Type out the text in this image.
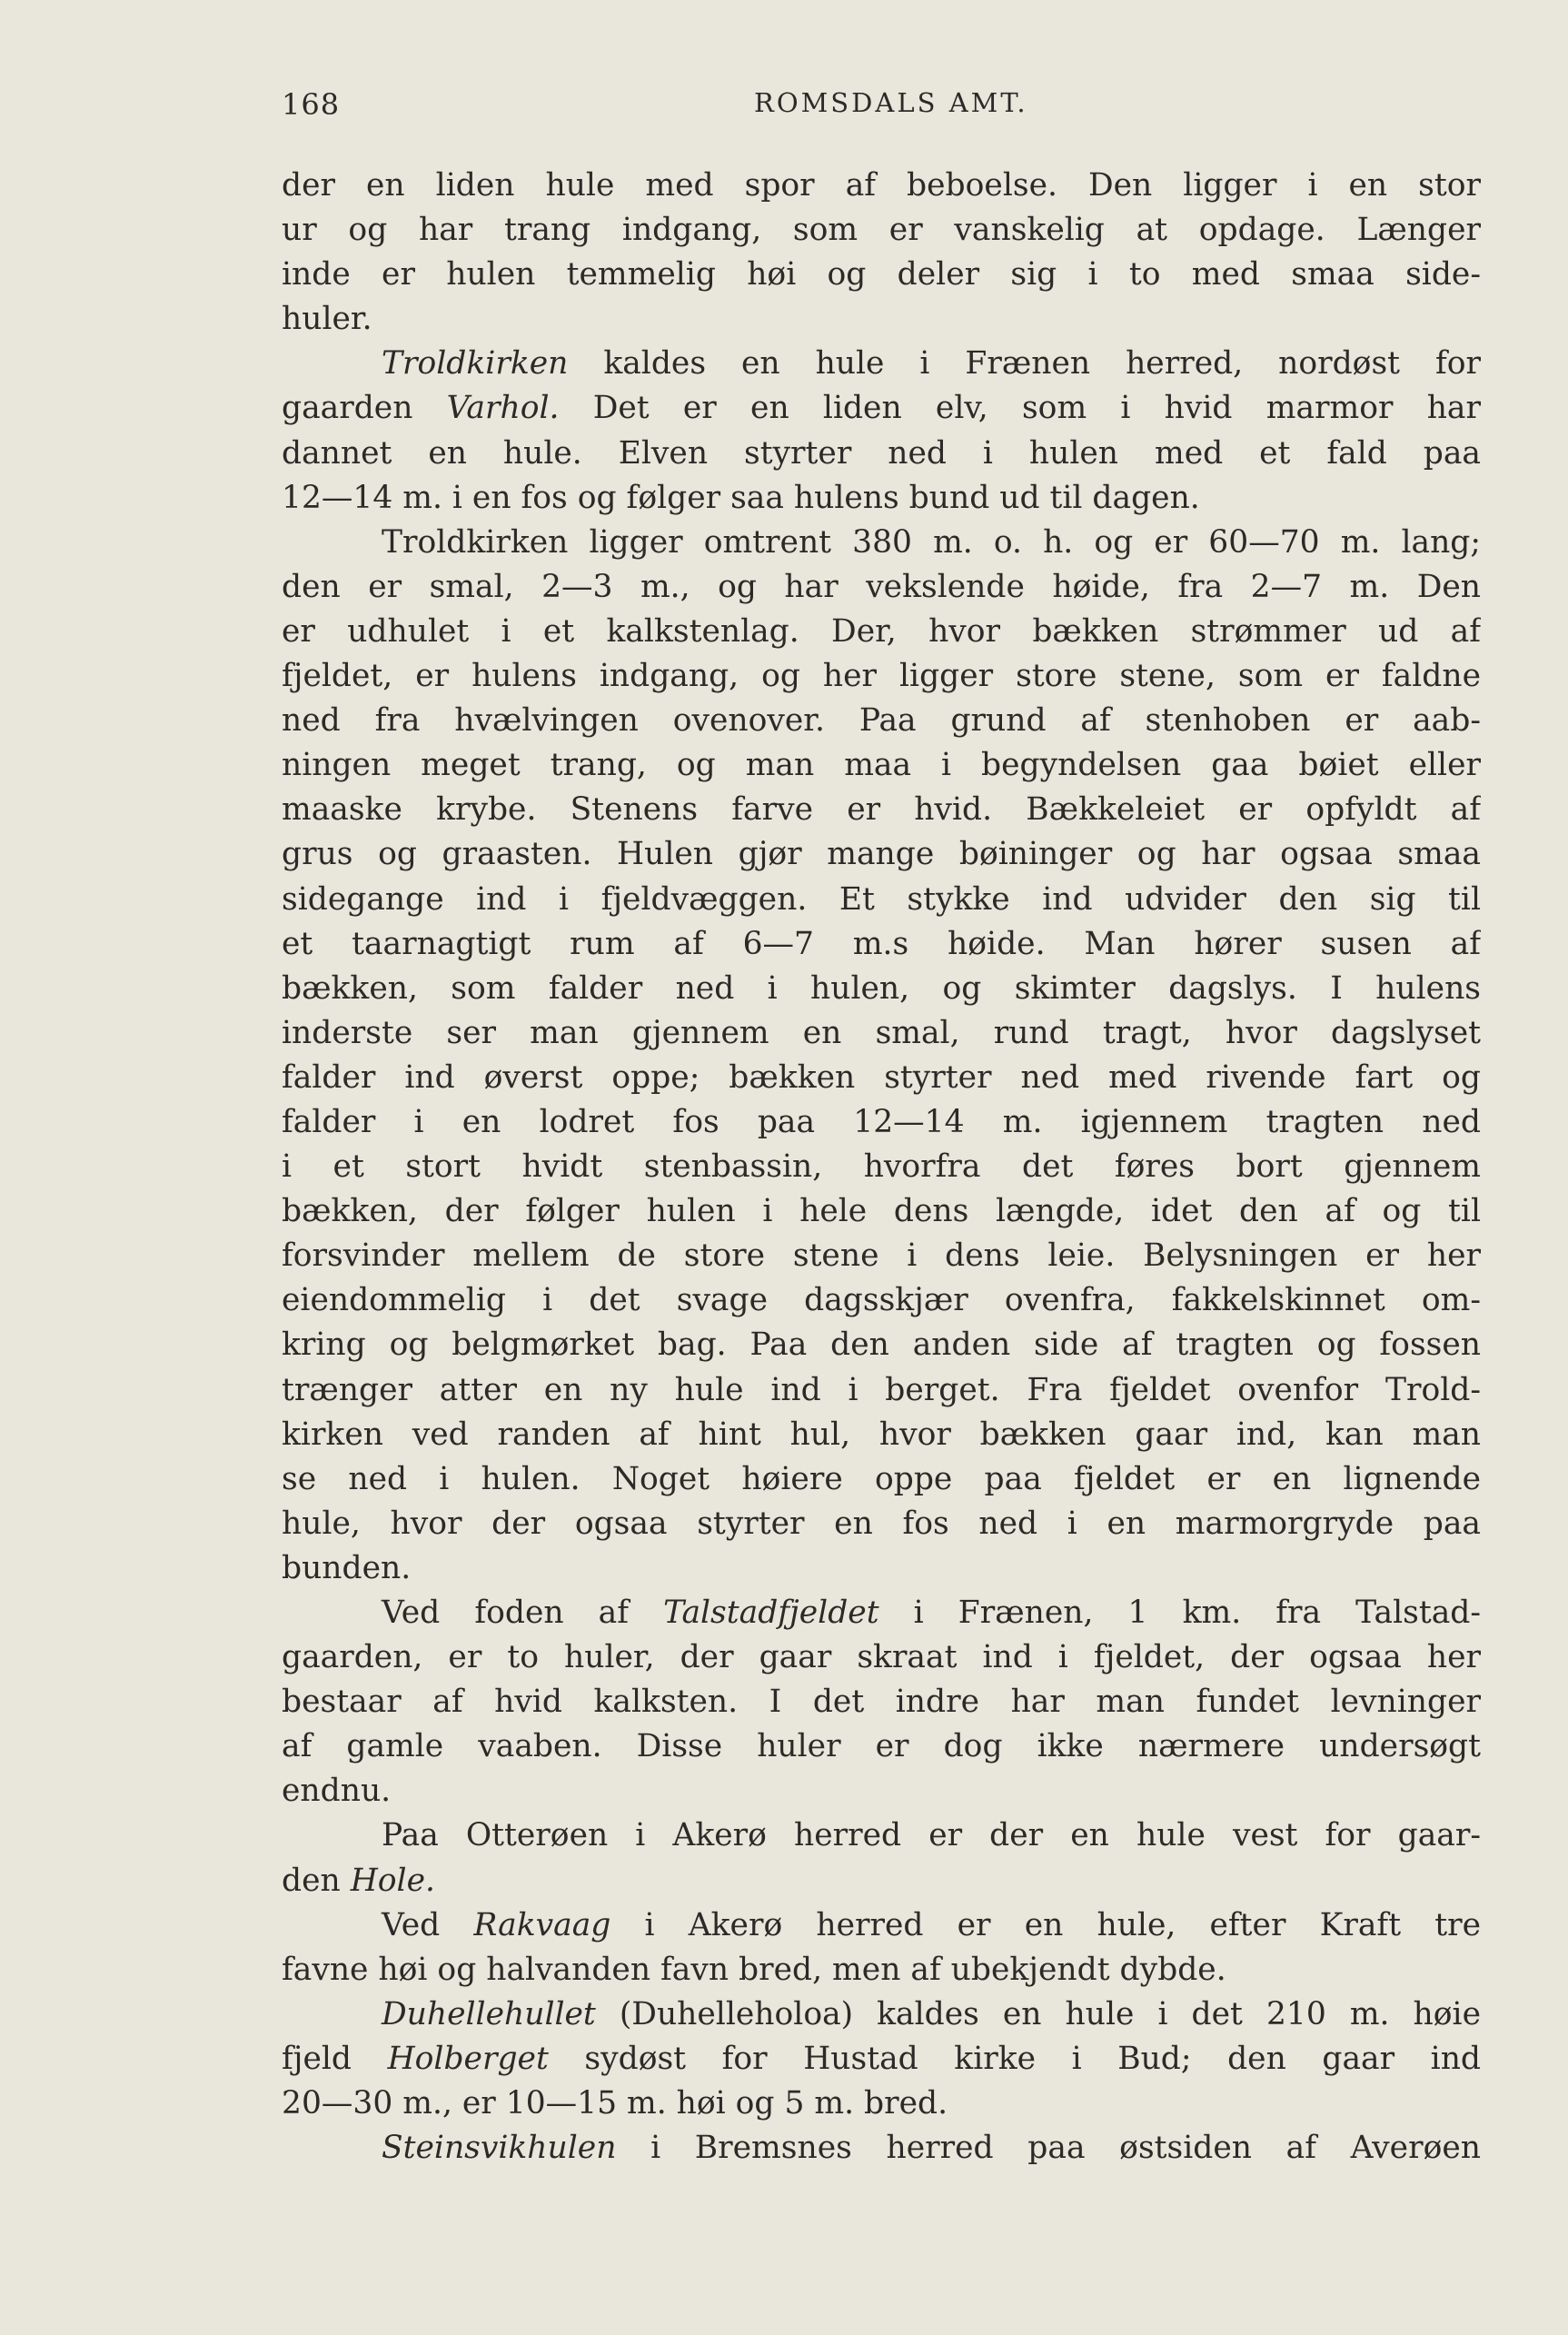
168	ROMSDALS AMT.
der en liden hule med spor af beboelse. Den ligger i en stor
ur og har trang indgang, som er vanskelig at opdage. Længer
inde er hulen temmelig høi og deler sig i to med smaa side-
huler.
Troldkirken kaldes en hule i Frænen herred, nordøst for
gaarden Varhol. Det er en liden elv, som i hvid marmor har
dannet en hule. Elven styrter ned i hulen med et fald paa
12—14 m. i en fos og følger saa hulens bund ud til dagen.
Troldkirken ligger omtrent 380 m. o. h. og er 60—70 m. lang;
den er smal, 2—3 m., og har vekslende høide, fra 2—7 m. Den
er udhulet i et kalkstenlag. Der, hvor bækken strømmer ud af
fjeldet, er hulens indgang, og her ligger store stene, som er faldne
ned fra hvælvingen ovenover. Paa grund af stenhoben er aab-
ningen meget trang, og man maa i begyndelsen gaa bøiet eller
maaske krybe. Stenens farve er hvid. Bækkeleiet er opfyldt af
grus og graasten. Hulen gjør mange bøininger og har ogsaa smaa
sidegange ind i fjeldvæggen. Et stykke ind udvider den sig til
et taarnagtigt rum af 6—7 m.s høide. Man hører susen af
bækken, som falder ned i hulen, og skimter dagslys. I hulens
inderste ser man gjennem en smal, rund tragt, hvor dagslyset
falder ind øverst oppe; bækken styrter ned med rivende fart og
falder i en lodret fos paa 12—14 m. igjennem tragten ned
i et stort hvidt stenbassin, hvorfra det føres bort gjennem
bækken, der følger hulen i hele dens længde, idet den af og til
forsvinder mellem de store stene i dens leie. Belysningen er her
eiendommelig i det svage dagsskjær ovenfra, fakkelskinnet om-
kring og belgmørket bag. Paa den anden side af tragten og fossen
trænger atter en ny hule ind i berget. Fra fjeldet ovenfor Trold-
kirken ved randen af hint hul, hvor bækken gaar ind, kan man
se ned i hulen. Noget høiere oppe paa fjeldet er en lignende
hule, hvor der ogsaa styrter en fos ned i en marmorgryde paa
bunden.
Ved foden af Talstadfjeldet i Frænen, 1 km. fra Talstad-
gaarden, er to huler, der gaar skraat ind i fjeldet, der ogsaa her
bestaar af hvid kalksten. I det indre har man fundet levninger
af gamle vaaben. Disse huler er dog ikke nærmere undersøgt
endnu.
Paa Otterøen i Akerø herred er der en hule vest for gaar-
den Hole.
Ved Rakvaag i Akerø herred er en hule, efter Kraft tre
favne høi og halvanden favn bred, men af ubekjendt dybde.
Duhellehullet (Duhelleholoa) kaldes en hule i det 210 m. høie
fjeld Holberget sydøst for Hustad kirke i Bud; den gaar ind
20—30 m., er 10—15 m. høi og 5 m. bred.
Steinsvikhulen i Bremsnes herred paa østsiden af Averøen
